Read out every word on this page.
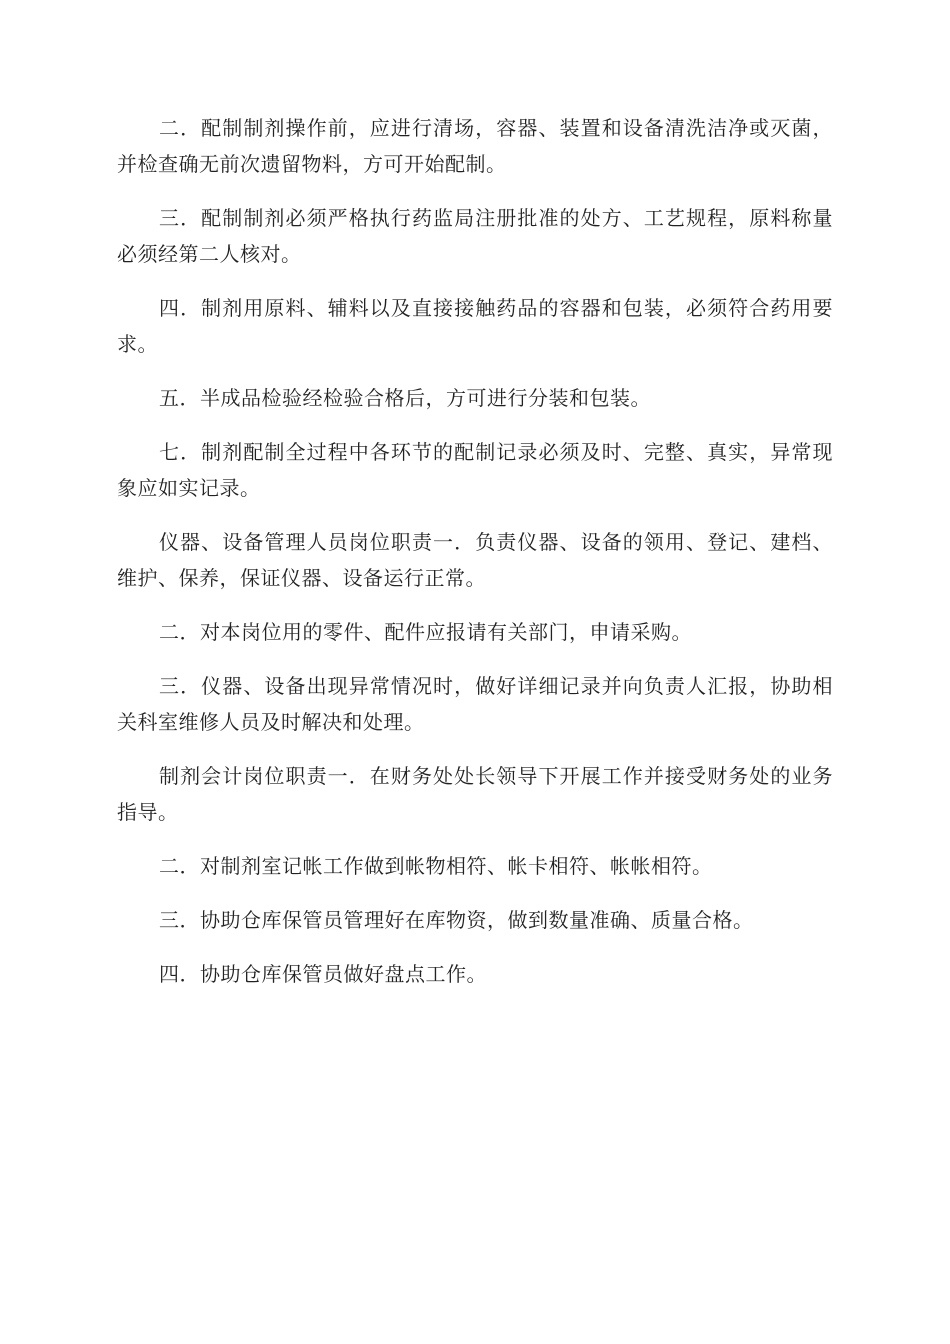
二．配制制剂操作前，应进行清场，容器、装置和设备清洗洁净或灭菌，并检查确无前次遗留物料，方可开始配制。

三．配制制剂必须严格执行药监局注册批准的处方、工艺规程，原料称量必须经第二人核对。

四．制剂用原料、辅料以及直接接触药品的容器和包装，必须符合药用要求。

五．半成品检验经检验合格后，方可进行分装和包装。

七．制剂配制全过程中各环节的配制记录必须及时、完整、真实，异常现象应如实记录。

仪器、设备管理人员岗位职责一．负责仪器、设备的领用、登记、建档、维护、保养，保证仪器、设备运行正常。

二．对本岗位用的零件、配件应报请有关部门，申请采购。

三．仪器、设备出现异常情况时，做好详细记录并向负责人汇报，协助相关科室维修人员及时解决和处理。

制剂会计岗位职责一．在财务处处长领导下开展工作并接受财务处的业务指导。

二．对制剂室记帐工作做到帐物相符、帐卡相符、帐帐相符。

三．协助仓库保管员管理好在库物资，做到数量准确、质量合格。

四．协助仓库保管员做好盘点工作。
